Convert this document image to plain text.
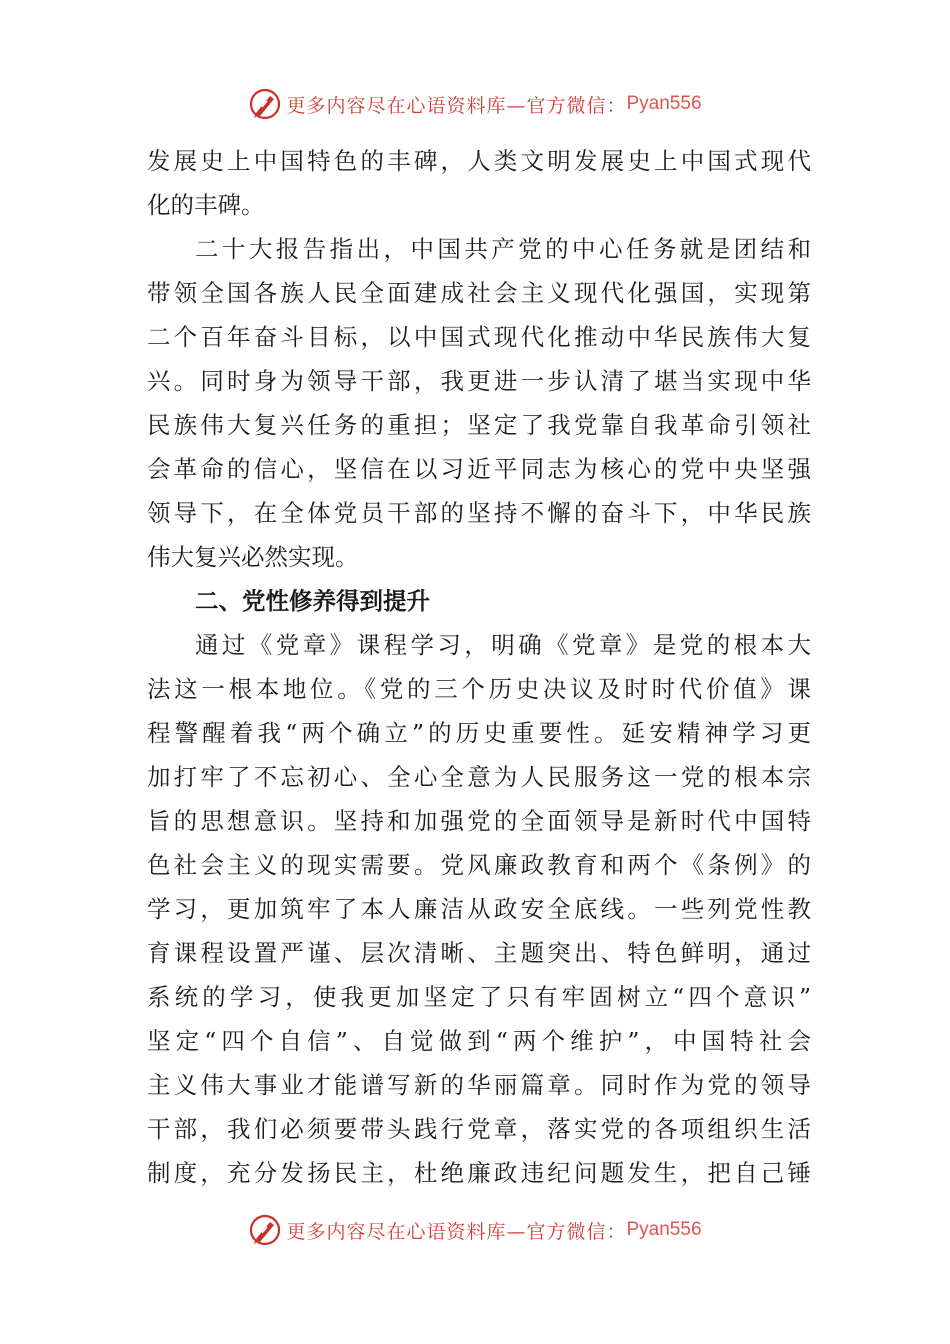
更多内容尽在心语资料库—官方微信： Pyan556
发展史上中国特色的丰碑，人类文明发展史上中国式现代
化的丰碑。
二十大报告指出，中国共产党的中心任务就是团结和
带领全国各族人民全面建成社会主义现代化强国，实现第
二个百年奋斗目标，以中国式现代化推动中华民族伟大复
兴。同时身为领导干部，我更进一步认清了堪当实现中华
民族伟大复兴任务的重担；坚定了我党靠自我革命引领社
会革命的信心，坚信在以习近平同志为核心的党中央坚强
领导下，在全体党员干部的坚持不懈的奋斗下，中华民族
伟大复兴必然实现。
二、党性修养得到提升
通过《党章》课程学习，明确《党章》是党的根本大
法这一根本地位。《党的三个历史决议及时时代价值》课
程警醒着我“两个确立”的历史重要性。延安精神学习更
加打牢了不忘初心、全心全意为人民服务这一党的根本宗
旨的思想意识。坚持和加强党的全面领导是新时代中国特
色社会主义的现实需要。党风廉政教育和两个《条例》的
学习，更加筑牢了本人廉洁从政安全底线。一些列党性教
育课程设置严谨、层次清晰、主题突出、特色鲜明，通过
系统的学习，使我更加坚定了只有牢固树立“四个意识”
坚定“四个自信”、自觉做到“两个维护”，中国特社会
主义伟大事业才能谱写新的华丽篇章。同时作为党的领导
干部，我们必须要带头践行党章，落实党的各项组织生活
制度，充分发扬民主，杜绝廉政违纪问题发生，把自己锤
更多内容尽在心语资料库—官方微信： Pyan556
